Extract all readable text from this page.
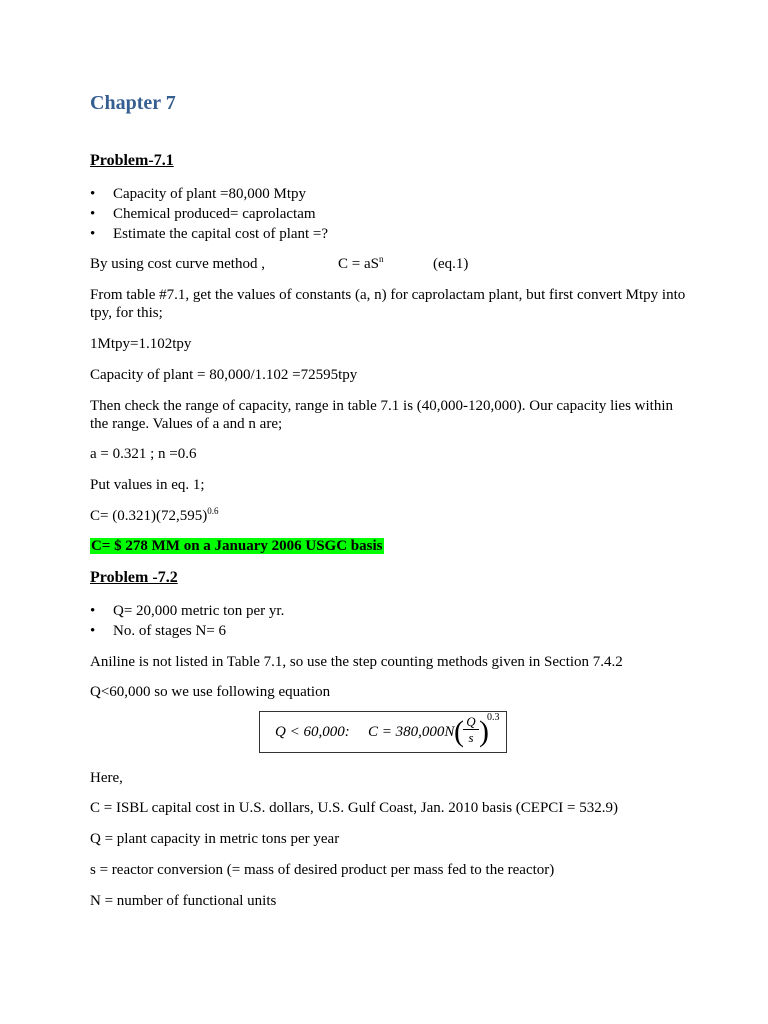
Chapter 7
Problem-7.1
• Capacity of plant =80,000 Mtpy
• Chemical produced= caprolactam
• Estimate the capital cost of plant =?
By using cost curve method ,	$C = aS^n$	(eq.1)
From table #7.1, get the values of constants (a, n) for caprolactam plant, but first convert Mtpy into tpy, for this;
1Mtpy=1.102tpy
Capacity of plant = 80,000/1.102 =72595tpy
Then check the range of capacity, range in table 7.1 is (40,000-120,000). Our capacity lies within the range. Values of a and n are;
a = 0.321 ; n =0.6
Put values in eq. 1;
$C= (0.321)(72,595)^{0.6}$
C= $ 278 MM on a January 2006 USGC basis
Problem -7.2
• Q= 20,000 metric ton per yr.
• No. of stages N= 6
Aniline is not listed in Table 7.1, so use the step counting methods given in Section 7.4.2
Q<60,000 so we use following equation
Q < 60,000: C = 380,000N ( $\frac{Q}{s}$ )
0.3
Here,
C = ISBL capital cost in U.S. dollars, U.S. Gulf Coast, Jan. 2010 basis (CEPCI = 532.9)
Q = plant capacity in metric tons per year
s = reactor conversion (= mass of desired product per mass fed to the reactor)
N = number of functional units
